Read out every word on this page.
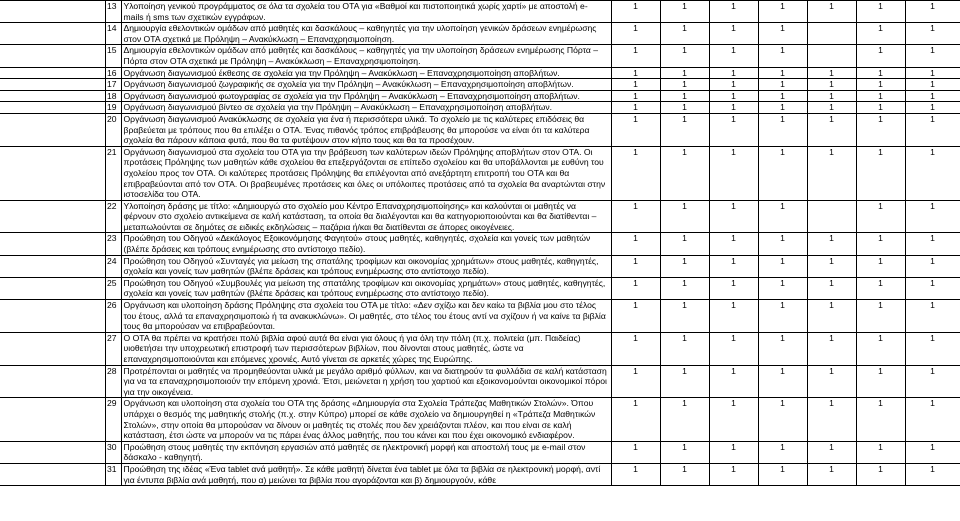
	13	Υλοποίηση γενικού προγράμματος σε όλα τα σχολεία του ΟΤΑ για «Βαθμοί και πιστοποιητικά χωρίς χαρτί» με αποστολή e-mails ή sms των σχετικών εγγράφων.	1	1	1	1	1	1	1
	14	Δημιουργία εθελοντικών ομάδων από μαθητές και δασκάλους – καθηγητές για την υλοποίηση γενικών δράσεων ενημέρωσης στον ΟΤΑ σχετικά με Πρόληψη – Ανακύκλωση – Επαναχρησιμοποίηση.	1	1	1	1		1	1
	15	Δημιουργία εθελοντικών ομάδων από μαθητές και δασκάλους – καθηγητές για την υλοποίηση δράσεων ενημέρωσης Πόρτα – Πόρτα στον ΟΤΑ σχετικά με Πρόληψη – Ανακύκλωση – Επαναχρησιμοποίηση.	1	1	1	1		1	1
	16	Οργάνωση διαγωνισμού έκθεσης σε σχολεία για την Πρόληψη – Ανακύκλωση – Επαναχρησιμοποίηση αποβλήτων.	1	1	1	1	1	1	1
	17	Οργάνωση διαγωνισμού ζωγραφικής σε σχολεία για την Πρόληψη – Ανακύκλωση – Επαναχρησιμοποίηση αποβλήτων.	1	1	1	1	1	1	1
	18	Οργάνωση διαγωνισμού φωτογραφίας σε σχολεία για την Πρόληψη – Ανακύκλωση – Επαναχρησιμοποίηση αποβλήτων.	1	1	1	1	1	1	1
	19	Οργάνωση διαγωνισμού βίντεο σε σχολεία για την Πρόληψη – Ανακύκλωση – Επαναχρησιμοποίηση αποβλήτων.	1	1	1	1	1	1	1
	20	Οργάνωση διαγωνισμού Ανακύκλωσης σε σχολεία για ένα ή περισσότερα υλικά. Το σχολείο με τις καλύτερες επιδόσεις θα βραβεύεται με τρόπους που θα επιλέξει ο ΟΤΑ. Ένας πιθανός τρόπος επιβράβευσης θα μπορούσε να είναι ότι τα καλύτερα σχολεία θα πάρουν κάποια φυτά, που θα τα φυτέψουν στον κήπο τους και θα τα προσέχουν.	1	1	1	1	1	1	1
	21	Οργάνωση διαγωνισμού στα σχολεία του ΟΤΑ για την βράβευση των καλύτερων ιδεών Πρόληψης αποβλήτων στον ΟΤΑ. Οι προτάσεις Πρόληψης των μαθητών κάθε σχολείου θα επεξεργάζονται σε επίπεδο σχολείου και θα υποβάλλονται με ευθύνη του σχολείου προς τον ΟΤΑ. Οι καλύτερες προτάσεις Πρόληψης θα επιλέγονται από ανεξάρτητη επιτροπή του ΟΤΑ και θα επιβραβεύονται από τον ΟΤΑ. Οι βραβευμένες προτάσεις και όλες οι υπόλοιπες προτάσεις από τα σχολεία θα αναρτώνται στην ιστοσελίδα του ΟΤΑ.	1	1	1	1	1	1	1
	22	Υλοποίηση δράσης με τίτλο: «Δημιουργώ στο σχολείο μου Κέντρο Επαναχρησιμοποίησης» και καλούνται οι μαθητές να φέρνουν στο σχολείο αντικείμενα σε καλή κατάσταση, τα οποία θα διαλέγονται και θα κατηγοριοποιούνται και θα διατίθενται – μεταπωλούνται σε δημότες σε ειδικές εκδηλώσεις – παζάρια ή/και θα διατίθενται σε άπορες οικογένειες.	1	1	1	1		1	1
	23	Προώθηση του Οδηγού «Δεκάλογος Εξοικονόμησης Φαγητού» στους μαθητές, καθηγητές, σχολεία και γονείς των μαθητών (βλέπε δράσεις και τρόπους ενημέρωσης στο αντίστοιχο πεδίο).	1	1	1	1	1	1	1
	24	Προώθηση του Οδηγού «Συνταγές για μείωση της σπατάλης τροφίμων και οικονομίας χρημάτων» στους μαθητές, καθηγητές, σχολεία και γονείς των μαθητών (βλέπε δράσεις και τρόπους ενημέρωσης στο αντίστοιχο πεδίο).	1	1	1	1	1	1	1
	25	Προώθηση του Οδηγού «Συμβουλές για μείωση της σπατάλης τροφίμων και οικονομίας χρημάτων» στους μαθητές, καθηγητές, σχολεία και γονείς των μαθητών (βλέπε δράσεις και τρόπους ενημέρωσης στο αντίστοιχο πεδίο).	1	1	1	1	1	1	1
	26	Οργάνωση και υλοποίηση δράσης Πρόληψης στα σχολεία του ΟΤΑ με τίτλο: «Δεν σχίζω και δεν καίω τα βιβλία μου στο τέλος του έτους, αλλά τα επαναχρησιμοποιώ ή τα ανακυκλώνω». Οι μαθητές, στο τέλος του έτους αντί να σχίζουν ή να καίνε τα βιβλία τους θα μπορούσαν να επιβραβεύονται.	1	1	1	1	1	1	1
	27	Ο ΟΤΑ θα πρέπει να κρατήσει πολύ βιβλία αφού αυτά θα είναι για όλους ή για όλη την πόλη (π.χ. πολιτεία (μπ. Παιδείας) υιοθετήσει την υποχρεωτική επιστροφή των περισσότερων βιβλίων, που δίνονται στους μαθητές, ώστε να επαναχρησιμοποιούνται και επόμενες χρονιές. Αυτό γίνεται σε αρκετές χώρες της Ευρώπης.	1	1	1	1	1	1	1
	28	Προτρέπονται οι μαθητές να προμηθεύονται υλικά με μεγάλο αριθμό φύλλων, και να διατηρούν τα φυλλάδια σε καλή κατάσταση για να τα επαναχρησιμοποιούν την επόμενη χρονιά. Έτσι, μειώνεται η χρήση του χαρτιού και εξοικονομούνται οικονομικοί πόροι για την οικογένεια.	1	1	1	1	1	1	1
	29	Οργάνωση και υλοποίηση στα σχολεία του ΟΤΑ της δράσης «Δημιουργία στα Σχολεία Τράπεζας Μαθητικών Στολών». Όπου υπάρχει ο θεσμός της μαθητικής στολής (π.χ. στην Κύπρο) μπορεί σε κάθε σχολείο να δημιουργηθεί η «Τράπεζα Μαθητικών Στολών», στην οποία θα μπορούσαν να δίνουν οι μαθητές τις στολές που δεν χρειάζονται πλέον, και που είναι σε καλή κατάσταση, έτσι ώστε να μπορούν να τις πάρει ένας άλλος μαθητής, που του κάνει και που έχει οικονομικό ενδιαφέρον.	1	1	1	1	1	1	1
	30	Προώθηση στους μαθητές την εκπόνηση εργασιών από μαθητές σε ηλεκτρονική μορφή και αποστολή τους με e-mail στον δάσκαλο - καθηγητή.	1	1	1	1	1	1	1
	31	Προώθηση της ιδέας «Ένα tablet ανά μαθητή». Σε κάθε μαθητή δίνεται ένα tablet με όλα τα βιβλία σε ηλεκτρονική μορφή, αντί για έντυπα βιβλία ανά μαθητή, που α) μειώνει τα βιβλία που αγοράζονται και β) δημιουργούν, κάθε	1	1	1	1	1	1	1
